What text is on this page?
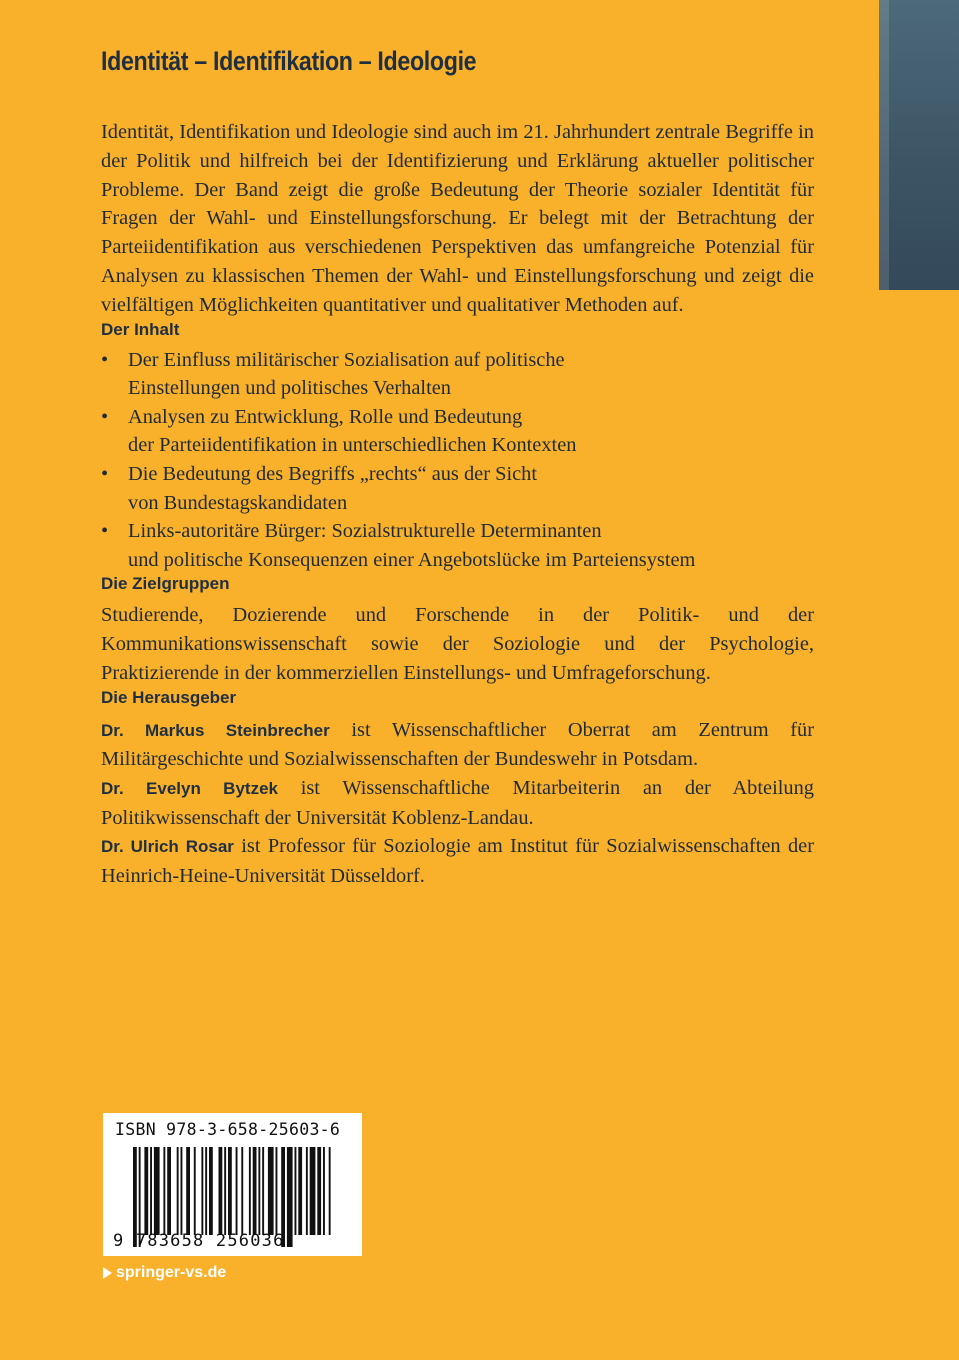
Identität – Identifikation – Ideologie

Identität, Identifikation und Ideologie sind auch im 21. Jahrhundert zentrale Begriffe in der Politik und hilfreich bei der Identifizierung und Erklärung aktueller politischer Probleme. Der Band zeigt die große Bedeutung der Theorie sozialer Identität für Fragen der Wahl- und Einstellungsforschung. Er belegt mit der Betrachtung der Parteiidentifikation aus verschiedenen Perspektiven das umfangreiche Potenzial für Analysen zu klassischen Themen der Wahl- und Einstellungsforschung und zeigt die vielfältigen Möglichkeiten quantitativer und qualitativer Methoden auf.

Der Inhalt
• Der Einfluss militärischer Sozialisation auf politische
Einstellungen und politisches Verhalten
• Analysen zu Entwicklung, Rolle und Bedeutung
der Parteiidentifikation in unterschiedlichen Kontexten
• Die Bedeutung des Begriffs „rechts“ aus der Sicht
von Bundestagskandidaten
• Links-autoritäre Bürger: Sozialstrukturelle Determinanten
und politische Konsequenzen einer Angebotslücke im Parteiensystem
Die Zielgruppen

Studierende, Dozierende und Forschende in der Politik- und der Kommunikationswissenschaft sowie der Soziologie und der Psychologie, Praktizierende in der kommerziellen Einstellungs- und Umfrageforschung.

Die Herausgeber

Dr. Markus Steinbrecher ist Wissenschaftlicher Oberrat am Zentrum für Militärgeschichte und Sozialwissenschaften der Bundeswehr in Potsdam.

Dr. Evelyn Bytzek ist Wissenschaftliche Mitarbeiterin an der Abteilung Politikwissenschaft der Universität Koblenz-Landau.

Dr. Ulrich Rosar ist Professor für Soziologie am Institut für Sozialwissenschaften der Heinrich-Heine-Universität Düsseldorf.

ISBN 978-3-658-25603-6
9 783658 256036
springer-vs.de
